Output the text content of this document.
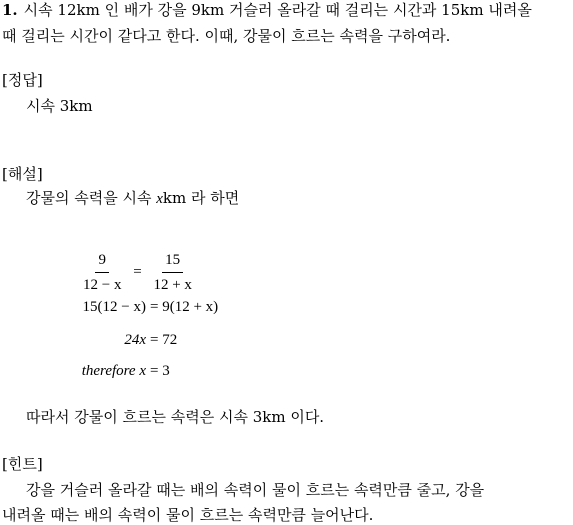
1. 시속 12km 인 배가 강을 9km 거슬러 올라갈 때 걸리는 시간과 15km 내려올
때 걸리는 시간이 같다고 한다. 이때, 강물이 흐르는 속력을 구하여라.
[정답]
시속 3km
[해설]
강물의 속력을 시속 xkm 라 하면
$\frac{9}{12 - x} = \frac{15}{12 + x}$
15(12 − x) = 9(12 + x)
24x = 72
therefore x = 3
따라서 강물이 흐르는 속력은 시속 3km 이다.
[힌트]
강을 거슬러 올라갈 때는 배의 속력이 물이 흐르는 속력만큼 줄고, 강을
내려올 때는 배의 속력이 물이 흐르는 속력만큼 늘어난다.
